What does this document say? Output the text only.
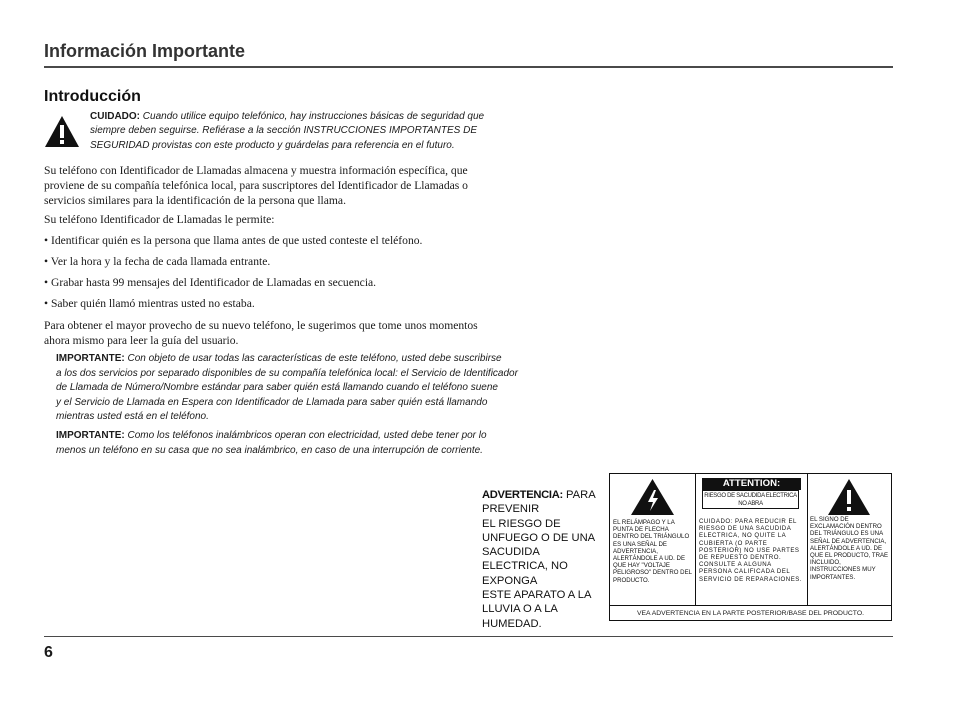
Información Importante
Introducción
CUIDADO: Cuando utilice equipo telefónico, hay instrucciones básicas de seguridad que siempre deben seguirse. Refiérase a la sección INSTRUCCIONES IMPORTANTES DE SEGURIDAD provistas con este producto y guárdelas para referencia en el futuro.
Su teléfono con Identificador de Llamadas almacena y muestra información específica, que
proviene de su compañía telefónica local, para suscriptores del Identificador de Llamadas o
servicios similares para la identificación de la persona que llama.
Su teléfono Identificador de Llamadas le permite:
• Identificar quién es la persona que llama antes de que usted conteste el teléfono.
• Ver la hora y la fecha de cada llamada entrante.
• Grabar hasta 99 mensajes del Identificador de Llamadas en secuencia.
• Saber quién llamó mientras usted no estaba.
Para obtener el mayor provecho de su nuevo teléfono, le sugerimos que tome unos momentos
ahora mismo para leer la guía del usuario.
IMPORTANTE: Con objeto de usar todas las características de este teléfono, usted debe suscribirse
a los dos servicios por separado disponibles de su compañía telefónica local: el Servicio de Identificador
de Llamada de Número/Nombre estándar para saber quién está llamando cuando el teléfono suene
y el Servicio de Llamada en Espera con Identificador de Llamada para saber quién está llamando
mientras usted está en el teléfono.
IMPORTANTE: Como los teléfonos inalámbricos operan con electricidad, usted debe tener por lo
menos un teléfono en su casa que no sea inalámbrico, en caso de una interrupción de corriente.
ADVERTENCIA: PARA
PREVENIR
EL RIESGO DE
UNFUEGO O DE UNA
SACUDIDA
ELECTRICA, NO
EXPONGA
ESTE APARATO A LA
LLUVIA O A LA
HUMEDAD.
EL RELÁMPAGO Y LA PUNTA DE FLECHA DENTRO DEL TRIÁNGULO ES UNA SEÑAL DE ADVERTENCIA, ALERTÁNDOLE A UD. DE QUE HAY "VOLTAJE PELIGROSO" DENTRO DEL PRODUCTO.
ATTENTION:
RIESGO DE SACUDIDA ELECTRICA NO ABRA
CUIDADO: PARA REDUCIR EL RIESGO DE UNA SACUDIDA ELECTRICA, NO QUITE LA CUBIERTA (O PARTE POSTERIOR) NO USE PARTES DE REPUESTO DENTRO. CONSULTE A ALGUNA PERSONA CALIFICADA DEL SERVICIO DE REPARACIONES.
EL SIGNO DE EXCLAMACIÓN DENTRO DEL TRIÁNGULO ES UNA SEÑAL DE ADVERTENCIA, ALERTÁNDOLE A UD. DE QUE EL PRODUCTO, TRAE INCLUIDO, INSTRUCCIONES MUY IMPORTANTES.
VEA ADVERTENCIA EN LA PARTE POSTERIOR/BASE DEL PRODUCTO.
6
